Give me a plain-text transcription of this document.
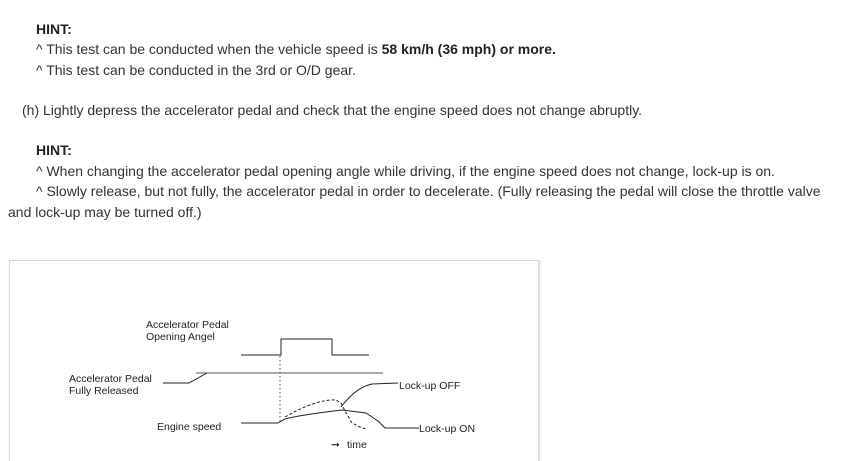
HINT:
^ This test can be conducted when the vehicle speed is 58 km/h (36 mph) or more.
^ This test can be conducted in the 3rd or O/D gear.
(h) Lightly depress the accelerator pedal and check that the engine speed does not change abruptly.
HINT:
^ When changing the accelerator pedal opening angle while driving, if the engine speed does not change, lock-up is on.
^ Slowly release, but not fully, the accelerator pedal in order to decelerate. (Fully releasing the pedal will close the throttle valve
and lock-up may be turned off.)
Accelerator Pedal
Opening Angel
Accelerator Pedal
Fully Released
Engine speed
Lock-up OFF
Lock-up ON
➞ time
